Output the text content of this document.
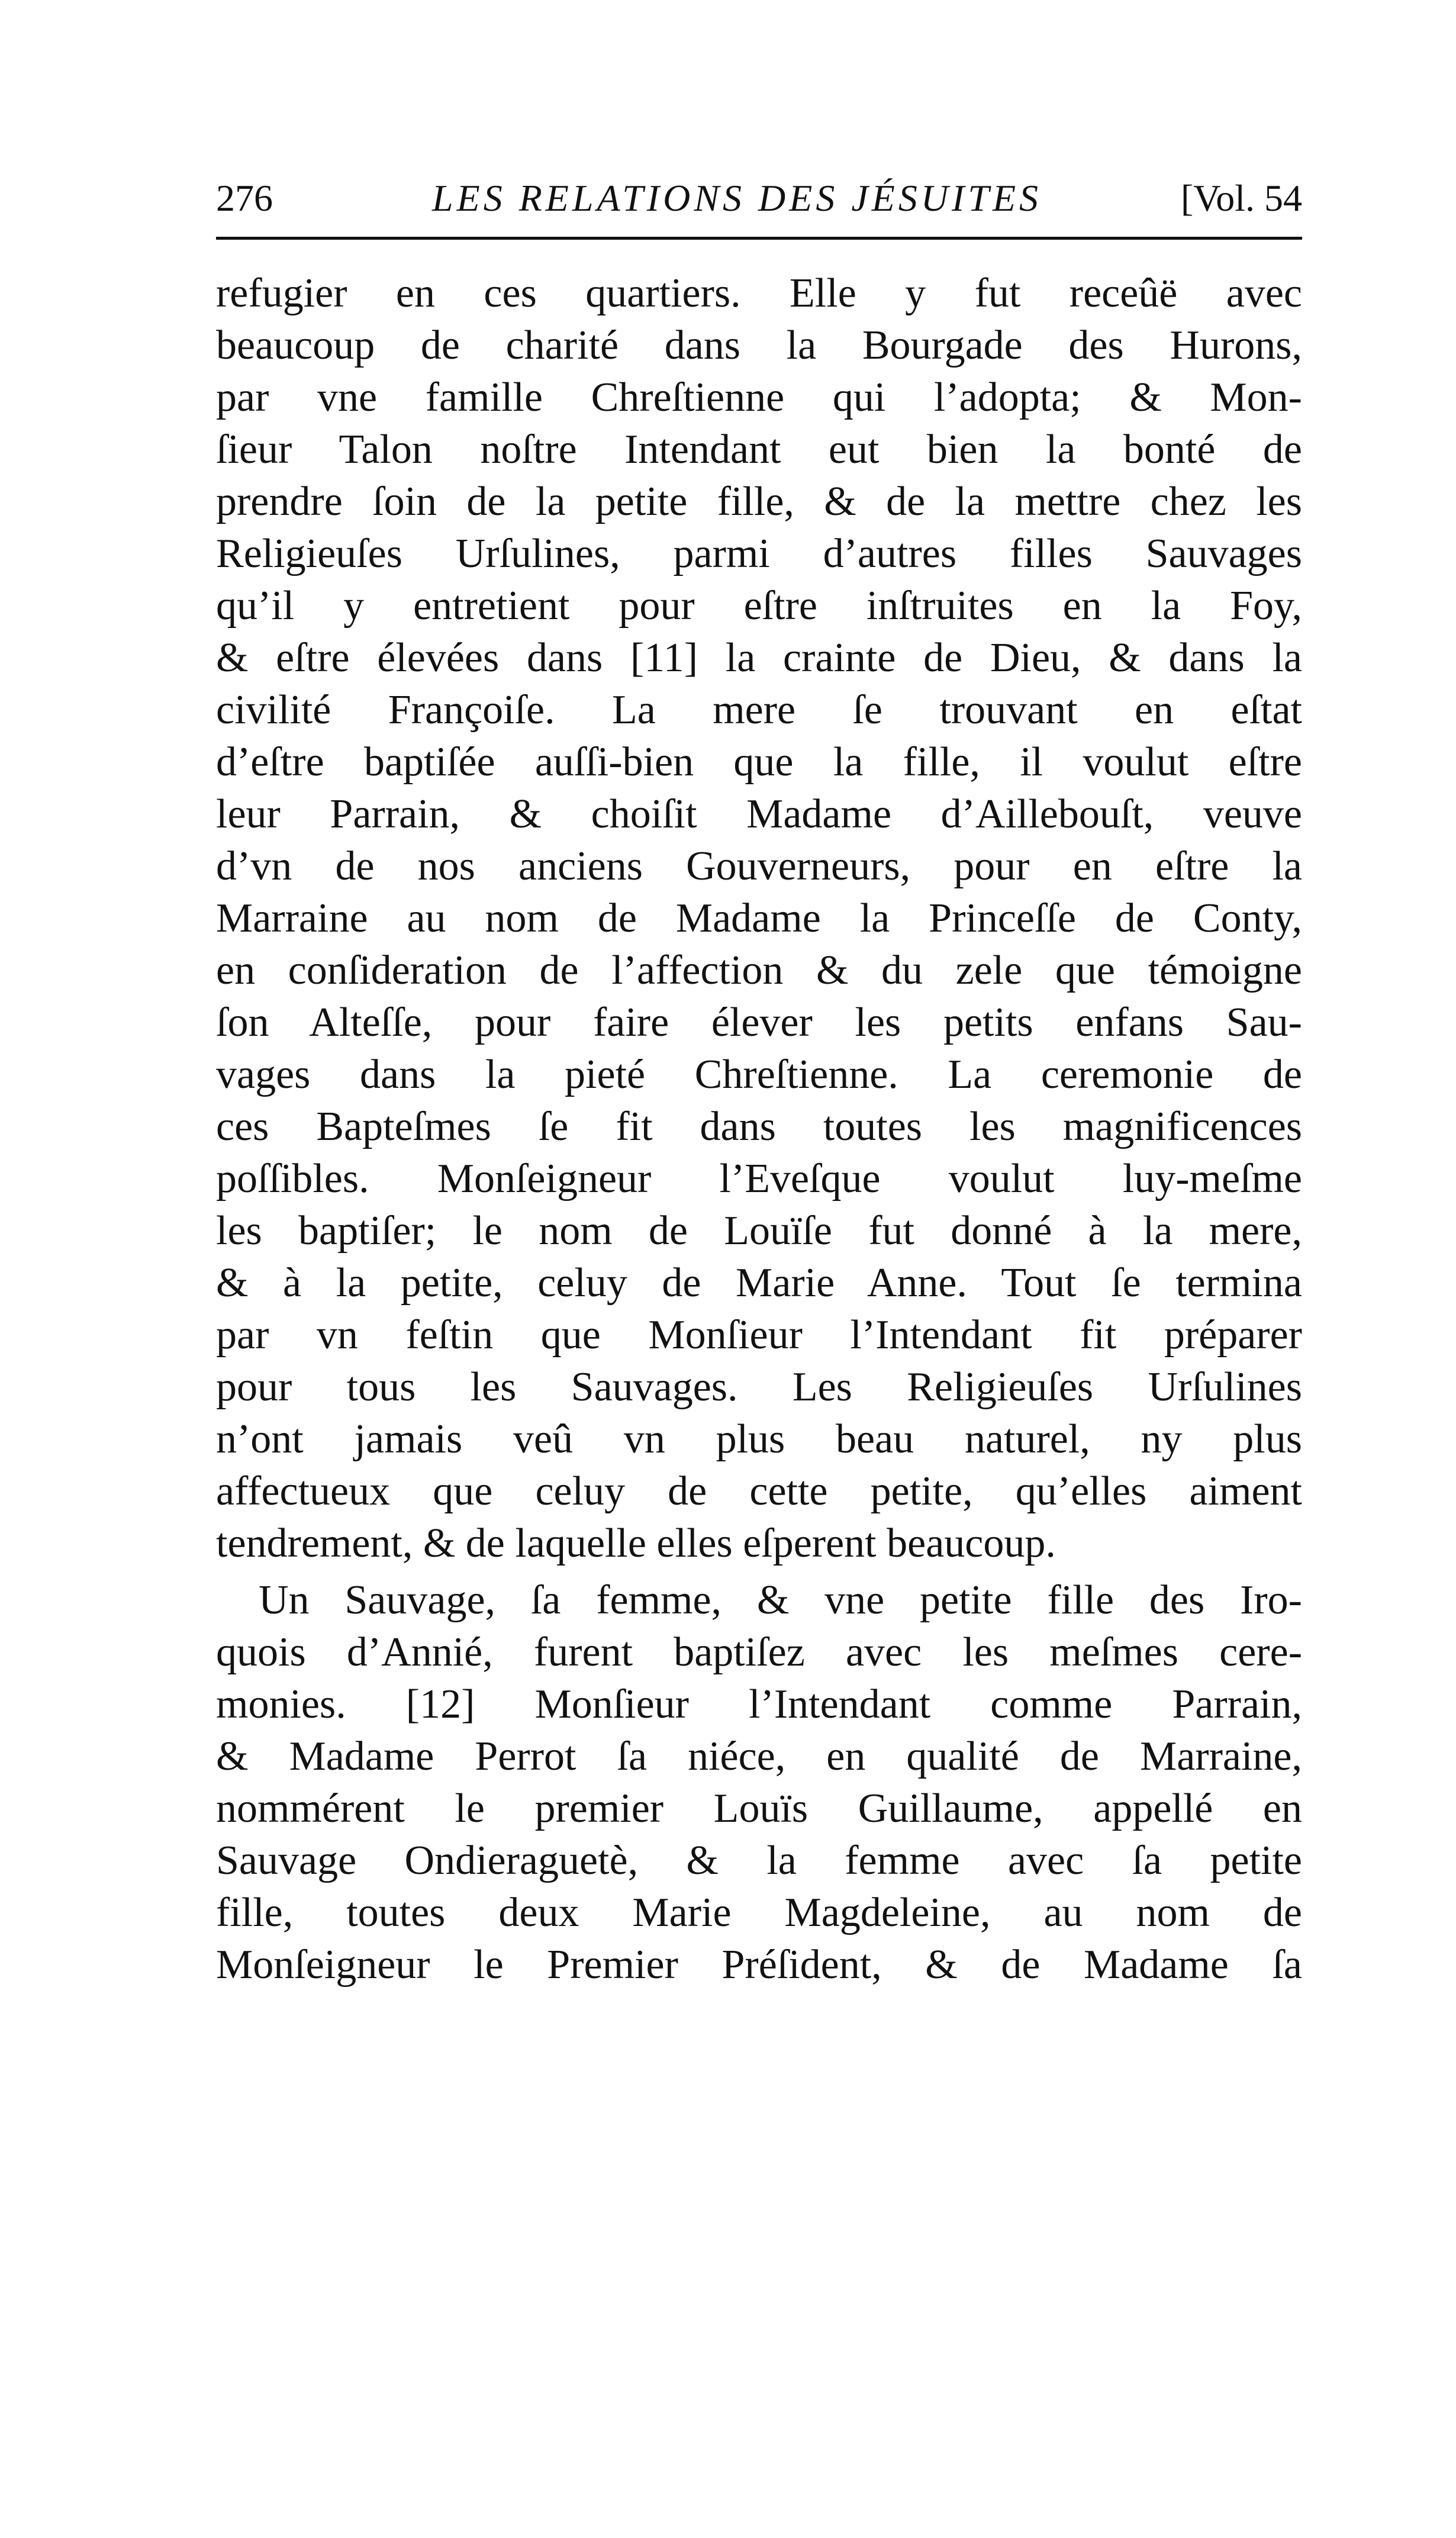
276	LES RELATIONS DES JÉSUITES	[Vol. 54
refugier en ces quartiers. Elle y fut receûë avec
beaucoup de charité dans la Bourgade des Hurons,
par vne famille Chreſtienne qui l’adopta; & Mon-
ſieur Talon noſtre Intendant eut bien la bonté de
prendre ſoin de la petite fille, & de la mettre chez les
Religieuſes Urſulines, parmi d’autres filles Sauvages
qu’il y entretient pour eſtre inſtruites en la Foy,
& eſtre élevées dans [11] la crainte de Dieu, & dans la
civilité Françoiſe. La mere ſe trouvant en eſtat
d’eſtre baptiſée auſſi-bien que la fille, il voulut eſtre
leur Parrain, & choiſit Madame d’Aillebouſt, veuve
d’vn de nos anciens Gouverneurs, pour en eſtre la
Marraine au nom de Madame la Princeſſe de Conty,
en conſideration de l’affection & du zele que témoigne
ſon Alteſſe, pour faire élever les petits enfans Sau-
vages dans la pieté Chreſtienne. La ceremonie de
ces Bapteſmes ſe fit dans toutes les magnificences
poſſibles. Monſeigneur l’Eveſque voulut luy-meſme
les baptiſer; le nom de Louïſe fut donné à la mere,
& à la petite, celuy de Marie Anne. Tout ſe termina
par vn feſtin que Monſieur l’Intendant fit préparer
pour tous les Sauvages. Les Religieuſes Urſulines
n’ont jamais veû vn plus beau naturel, ny plus
affectueux que celuy de cette petite, qu’elles aiment
tendrement, & de laquelle elles eſperent beaucoup.
Un Sauvage, ſa femme, & vne petite fille des Iro-
quois d’Annié, furent baptiſez avec les meſmes cere-
monies. [12] Monſieur l’Intendant comme Parrain,
& Madame Perrot ſa niéce, en qualité de Marraine,
nommérent le premier Louïs Guillaume, appellé en
Sauvage Ondieraguetè, & la femme avec ſa petite
fille, toutes deux Marie Magdeleine, au nom de
Monſeigneur le Premier Préſident, & de Madame ſa
